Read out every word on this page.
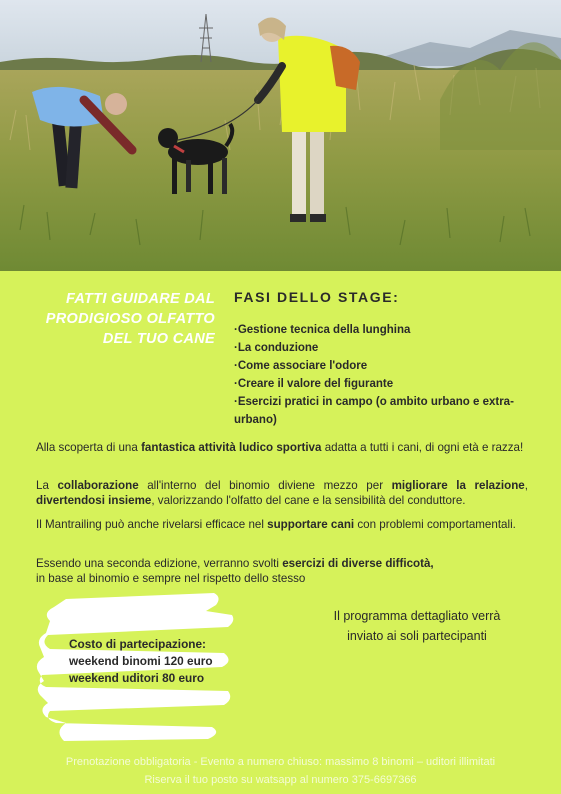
FATTI GUIDARE DAL
PRODIGIOSO OLFATTO
DEL TUO CANE
FASI DELLO STAGE:
·Gestione tecnica della lunghina
·La conduzione
·Come associare l'odore
·Creare il valore del figurante
·Esercizi pratici in campo (o ambito urbano e extra-urbano)
Alla scoperta di una fantastica attività ludico sportiva adatta a tutti i cani, di ogni età e razza!
La collaborazione all'interno del binomio diviene mezzo per migliorare la relazione, divertendosi insieme, valorizzando l'olfatto del cane e la sensibilità del conduttore.
Il Mantrailing può anche rivelarsi efficace nel supportare cani con problemi comportamentali.
Essendo una seconda edizione, verranno svolti esercizi di diverse difficotà,
in base al binomio e sempre nel rispetto dello stesso
Il programma dettagliato verrà
inviato ai soli partecipanti
Costo di partecipazione:
weekend binomi 120 euro
weekend uditori 80 euro
Prenotazione obbligatoria - Evento a numero chiuso: massimo 8 binomi – uditori illimitati
Riserva il tuo posto su watsapp al numero 375-6697366
